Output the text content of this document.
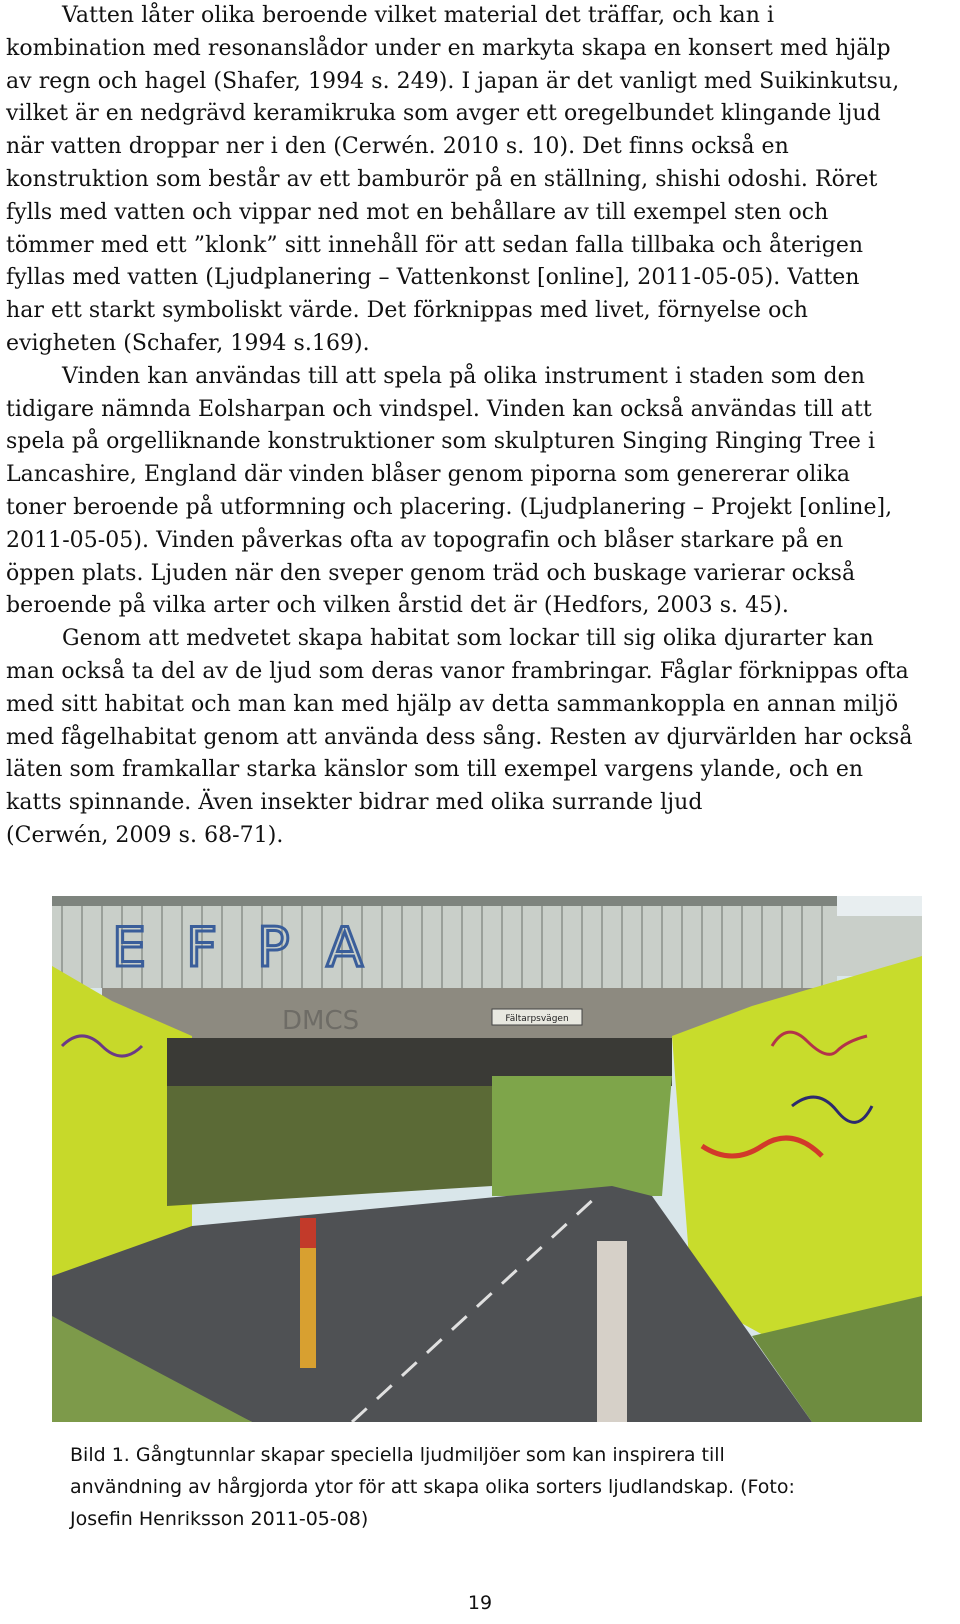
Vatten låter olika beroende vilket material det träffar, och kan i
kombination med resonanslådor under en markyta skapa en konsert med hjälp
av regn och hagel (Shafer, 1994 s. 249). I japan är det vanligt med Suikinkutsu,
vilket är en nedgrävd keramikruka som avger ett oregelbundet klingande ljud
när vatten droppar ner i den (Cerwén. 2010 s. 10). Det finns också en
konstruktion som består av ett bamburör på en ställning, shishi odoshi. Röret
fylls med vatten och vippar ned mot en behållare av till exempel sten och
tömmer med ett ”klonk” sitt innehåll för att sedan falla tillbaka och återigen
fyllas med vatten (Ljudplanering – Vattenkonst [online], 2011-05-05). Vatten
har ett starkt symboliskt värde. Det förknippas med livet, förnyelse och
evigheten (Schafer, 1994 s.169).

Vinden kan användas till att spela på olika instrument i staden som den
tidigare nämnda Eolsharpan och vindspel. Vinden kan också användas till att
spela på orgelliknande konstruktioner som skulpturen Singing Ringing Tree i
Lancashire, England där vinden blåser genom piporna som genererar olika
toner beroende på utformning och placering. (Ljudplanering – Projekt [online],
2011-05-05). Vinden påverkas ofta av topografin och blåser starkare på en
öppen plats. Ljuden när den sveper genom träd och buskage varierar också
beroende på vilka arter och vilken årstid det är (Hedfors, 2003 s. 45).

Genom att medvetet skapa habitat som lockar till sig olika djurarter kan
man också ta del av de ljud som deras vanor frambringar. Fåglar förknippas ofta
med sitt habitat och man kan med hjälp av detta sammankoppla en annan miljö
med fågelhabitat genom att använda dess sång. Resten av djurvärlden har också
läten som framkallar starka känslor som till exempel vargens ylande, och en
katts spinnande. Även insekter bidrar med olika surrande ljud
(Cerwén, 2009 s. 68-71).

EFPA
DMCS	Fältarpsvägen
Bild 1. Gångtunnlar skapar speciella ljudmiljöer som kan inspirera till
användning av hårgjorda ytor för att skapa olika sorters ljudlandskap. (Foto:
Josefin Henriksson 2011-05-08)
19
